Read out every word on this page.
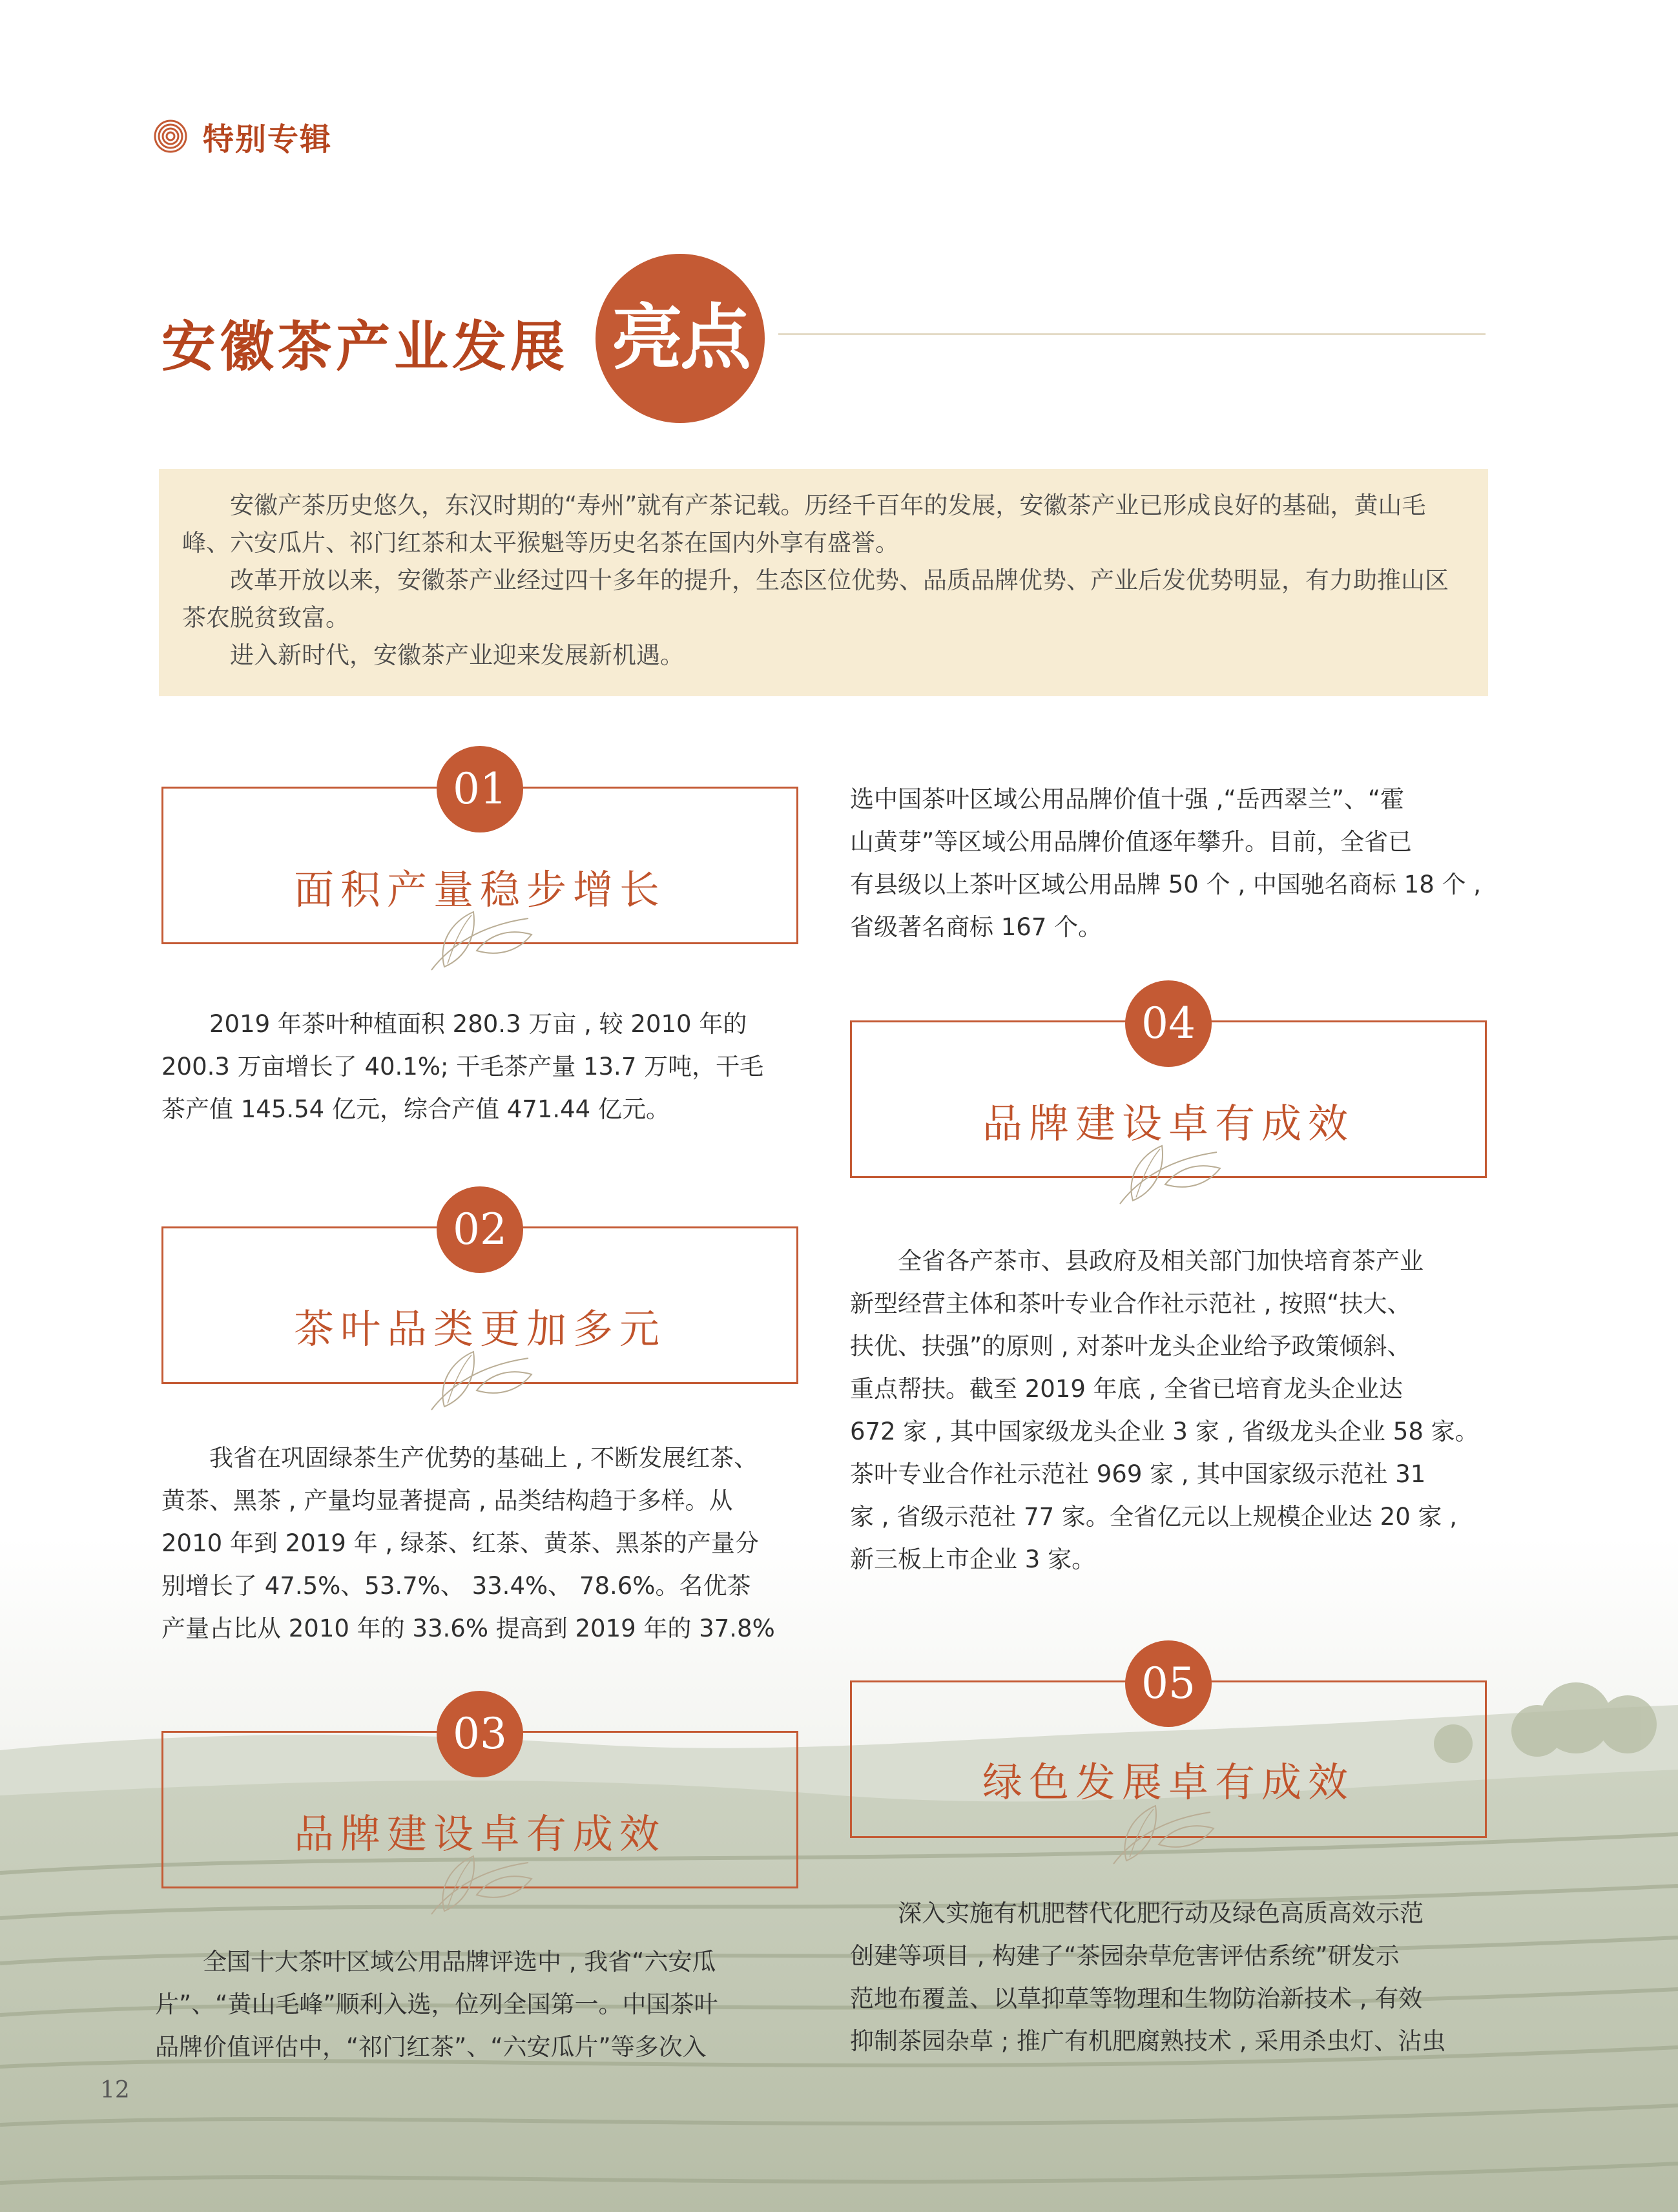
特别专辑
安徽茶产业发展 亮点

安徽产茶历史悠久，东汉时期的“寿州”就有产茶记载。历经千百年的发展，安徽茶产业已形成良好的基础，黄山毛峰、六安瓜片、祁门红茶和太平猴魁等历史名茶在国内外享有盛誉。

改革开放以来，安徽茶产业经过四十多年的提升，生态区位优势、品质品牌优势、产业后发优势明显，有力助推山区茶农脱贫致富。

进入新时代，安徽茶产业迎来发展新机遇。

01
面积产量稳步增长
　　2019 年茶叶种植面积 280.3 万亩 , 较 2010 年的
200.3 万亩增长了 40.1%; 干毛茶产量 13.7 万吨，干毛
茶产值 145.54 亿元，综合产值 471.44 亿元。
02
茶叶品类更加多元
　　我省在巩固绿茶生产优势的基础上 , 不断发展红茶、
黄茶、黑茶 , 产量均显著提高 , 品类结构趋于多样。从
2010 年到 2019 年 , 绿茶、红茶、黄茶、黑茶的产量分
别增长了 47.5%、53.7%、 33.4%、 78.6%。名优茶
产量占比从 2010 年的 33.6% 提高到 2019 年的 37.8%
03
品牌建设卓有成效
　　全国十大茶叶区域公用品牌评选中 , 我省“六安瓜
片”、“黄山毛峰”顺利入选，位列全国第一。中国茶叶
品牌价值评估中，“祁门红茶”、“六安瓜片”等多次入
选中国茶叶区域公用品牌价值十强 ,“岳西翠兰”、“霍
山黄芽”等区域公用品牌价值逐年攀升。目前，全省已
有县级以上茶叶区域公用品牌 50 个 , 中国驰名商标 18 个 ,
省级著名商标 167 个。
04
品牌建设卓有成效
　　全省各产茶市、县政府及相关部门加快培育茶产业
新型经营主体和茶叶专业合作社示范社 , 按照“扶大、
扶优、扶强”的原则 , 对茶叶龙头企业给予政策倾斜、
重点帮扶。截至 2019 年底 , 全省已培育龙头企业达
672 家 , 其中国家级龙头企业 3 家 , 省级龙头企业 58 家。
茶叶专业合作社示范社 969 家 , 其中国家级示范社 31
家 , 省级示范社 77 家。全省亿元以上规模企业达 20 家 ,
新三板上市企业 3 家。
05
绿色发展卓有成效
　　深入实施有机肥替代化肥行动及绿色高质高效示范
创建等项目 , 构建了“茶园杂草危害评估系统”研发示
范地布覆盖、以草抑草等物理和生物防治新技术 , 有效
抑制茶园杂草 ; 推广有机肥腐熟技术 , 采用杀虫灯、沾虫
12
